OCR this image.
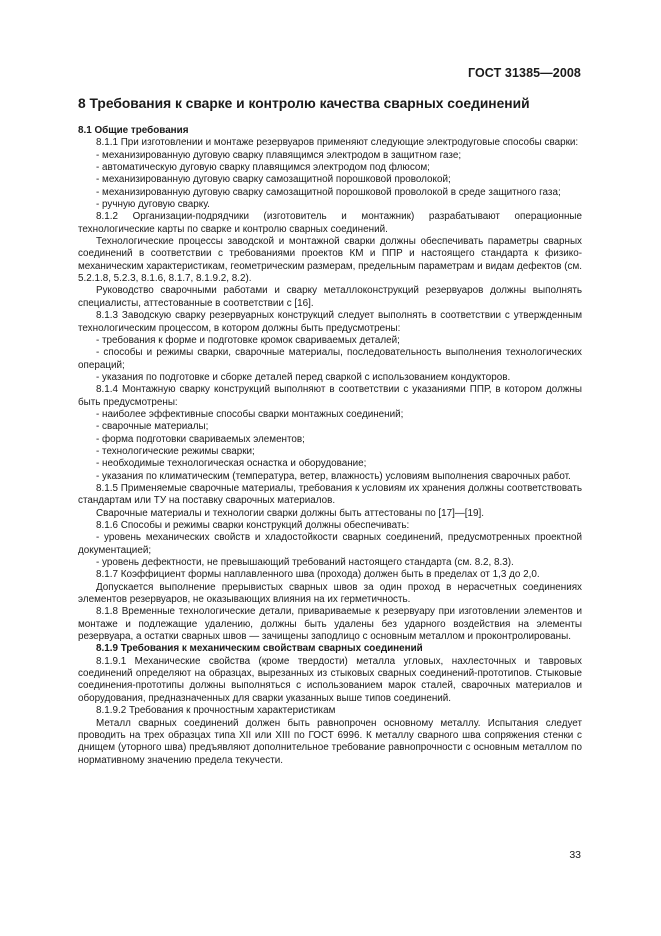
ГОСТ 31385—2008
8 Требования к сварке и контролю качества сварных соединений
8.1 Общие требования

8.1.1 При изготовлении и монтаже резервуаров применяют следующие электродуговые способы сварки:

- механизированную дуговую сварку плавящимся электродом в защитном газе;

- автоматическую дуговую сварку плавящимся электродом под флюсом;

- механизированную дуговую сварку самозащитной порошковой проволокой;

- механизированную дуговую сварку самозащитной порошковой проволокой в среде защитного газа;

- ручную дуговую сварку.

8.1.2 Организации-подрядчики (изготовитель и монтажник) разрабатывают операционные технологические карты по сварке и контролю сварных соединений.

Технологические процессы заводской и монтажной сварки должны обеспечивать параметры сварных соединений в соответствии с требованиями проектов КМ и ППР и настоящего стандарта к физико-механическим характеристикам, геометрическим размерам, предельным параметрам и видам дефектов (см. 5.2.1.8, 5.2.3, 8.1.6, 8.1.7, 8.1.9.2, 8.2).

Руководство сварочными работами и сварку металлоконструкций резервуаров должны выполнять специалисты, аттестованные в соответствии с [16].

8.1.3 Заводскую сварку резервуарных конструкций следует выполнять в соответствии с утвержденным технологическим процессом, в котором должны быть предусмотрены:

- требования к форме и подготовке кромок свариваемых деталей;

- способы и режимы сварки, сварочные материалы, последовательность выполнения технологических операций;

- указания по подготовке и сборке деталей перед сваркой с использованием кондукторов.

8.1.4 Монтажную сварку конструкций выполняют в соответствии с указаниями ППР, в котором должны быть предусмотрены:

- наиболее эффективные способы сварки монтажных соединений;

- сварочные материалы;

- форма подготовки свариваемых элементов;

- технологические режимы сварки;

- необходимые технологическая оснастка и оборудование;

- указания по климатическим (температура, ветер, влажность) условиям выполнения сварочных работ.

8.1.5 Применяемые сварочные материалы, требования к условиям их хранения должны соответствовать стандартам или ТУ на поставку сварочных материалов.

Сварочные материалы и технологии сварки должны быть аттестованы по [17]—[19].

8.1.6 Способы и режимы сварки конструкций должны обеспечивать:

- уровень механических свойств и хладостойкости сварных соединений, предусмотренных проектной документацией;

- уровень дефектности, не превышающий требований настоящего стандарта (см. 8.2, 8.3).

8.1.7 Коэффициент формы наплавленного шва (прохода) должен быть в пределах от 1,3 до 2,0.

Допускается выполнение прерывистых сварных швов за один проход в нерасчетных соединениях элементов резервуаров, не оказывающих влияния на их герметичность.

8.1.8 Временные технологические детали, привариваемые к резервуару при изготовлении элементов и монтаже и подлежащие удалению, должны быть удалены без ударного воздействия на элементы резервуара, а остатки сварных швов — зачищены заподлицо с основным металлом и проконтролированы.

8.1.9 Требования к механическим свойствам сварных соединений

8.1.9.1 Механические свойства (кроме твердости) металла угловых, нахлесточных и тавровых соединений определяют на образцах, вырезанных из стыковых сварных соединений-прототипов. Стыковые соединения-прототипы должны выполняться с использованием марок сталей, сварочных материалов и оборудования, предназначенных для сварки указанных выше типов соединений.

8.1.9.2 Требования к прочностным характеристикам

Металл сварных соединений должен быть равнопрочен основному металлу. Испытания следует проводить на трех образцах типа XII или XIII по ГОСТ 6996. К металлу сварного шва сопряжения стенки с днищем (уторного шва) предъявляют дополнительное требование равнопрочности с основным металлом по нормативному значению предела текучести.

33
